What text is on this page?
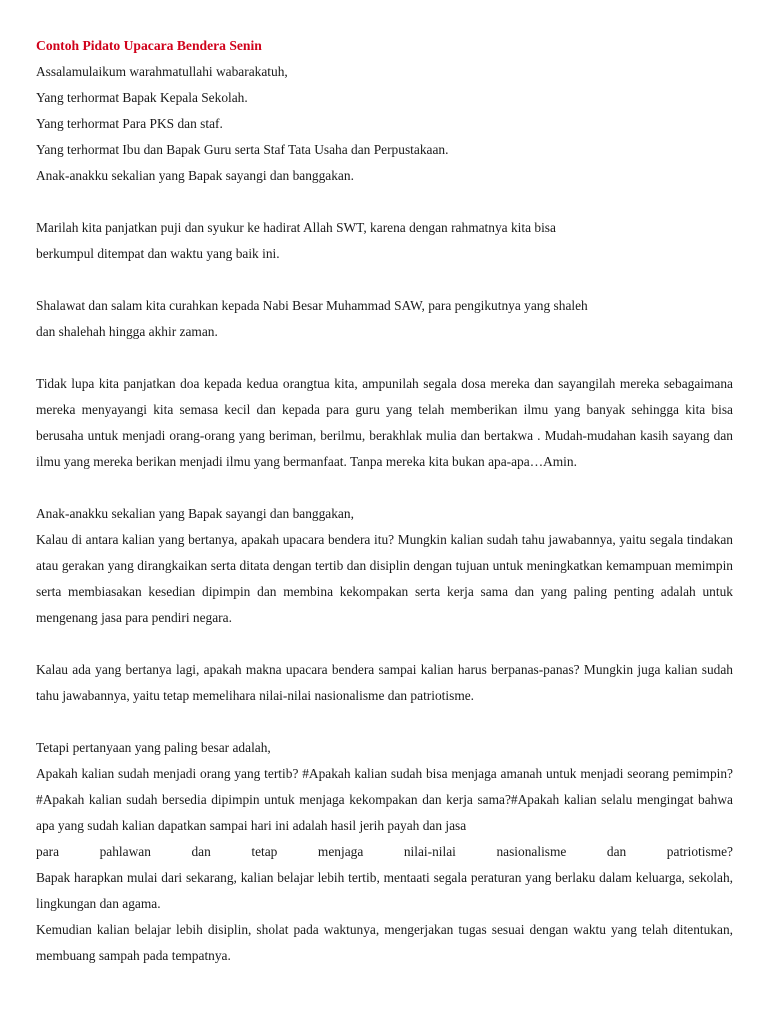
Contoh Pidato Upacara Bendera Senin

Assalamulaikum warahmatullahi wabarakatuh,
Yang terhormat Bapak Kepala Sekolah.
Yang terhormat Para PKS dan staf.
Yang terhormat Ibu dan Bapak Guru serta Staf Tata Usaha dan Perpustakaan.
Anak-anakku sekalian yang Bapak sayangi dan banggakan.
Marilah kita panjatkan puji dan syukur ke hadirat Allah SWT, karena dengan rahmatnya kita bisa
berkumpul ditempat dan waktu yang baik ini.
Shalawat dan salam kita curahkan kepada Nabi Besar Muhammad SAW, para pengikutnya yang shaleh
dan shalehah hingga akhir zaman.

Tidak lupa kita panjatkan doa kepada kedua orangtua kita, ampunilah segala dosa mereka dan sayangilah mereka sebagaimana mereka menyayangi kita semasa kecil dan kepada para guru yang telah memberikan ilmu yang banyak sehingga kita bisa berusaha untuk menjadi orang-orang yang beriman, berilmu, berakhlak mulia dan bertakwa . Mudah-mudahan kasih sayang dan ilmu yang mereka berikan menjadi ilmu yang bermanfaat. Tanpa mereka kita bukan apa-apa…Amin.

Anak-anakku sekalian yang Bapak sayangi dan banggakan,

Kalau di antara kalian yang bertanya, apakah upacara bendera itu? Mungkin kalian sudah tahu jawabannya, yaitu segala tindakan atau gerakan yang dirangkaikan serta ditata dengan tertib dan disiplin dengan tujuan untuk meningkatkan kemampuan memimpin serta membiasakan kesedian dipimpin dan membina kekompakan serta kerja sama dan yang paling penting adalah untuk mengenang jasa para pendiri negara.

Kalau ada yang bertanya lagi, apakah makna upacara bendera sampai kalian harus berpanas-panas? Mungkin juga kalian sudah tahu jawabannya, yaitu tetap memelihara nilai-nilai nasionalisme dan patriotisme.

Tetapi pertanyaan yang paling besar adalah,

Apakah kalian sudah menjadi orang yang tertib? #Apakah kalian sudah bisa menjaga amanah untuk menjadi seorang pemimpin? #Apakah kalian sudah bersedia dipimpin untuk menjaga kekompakan dan kerja sama?#Apakah kalian selalu mengingat bahwa apa yang sudah kalian dapatkan sampai hari ini adalah hasil jerih payah dan jasa

para pahlawan dan tetap menjaga nilai-nilai nasionalisme dan patriotisme?

Bapak harapkan mulai dari sekarang, kalian belajar lebih tertib, mentaati segala peraturan yang berlaku dalam keluarga, sekolah, lingkungan dan agama.

Kemudian kalian belajar lebih disiplin, sholat pada waktunya, mengerjakan tugas sesuai dengan waktu yang telah ditentukan, membuang sampah pada tempatnya.
